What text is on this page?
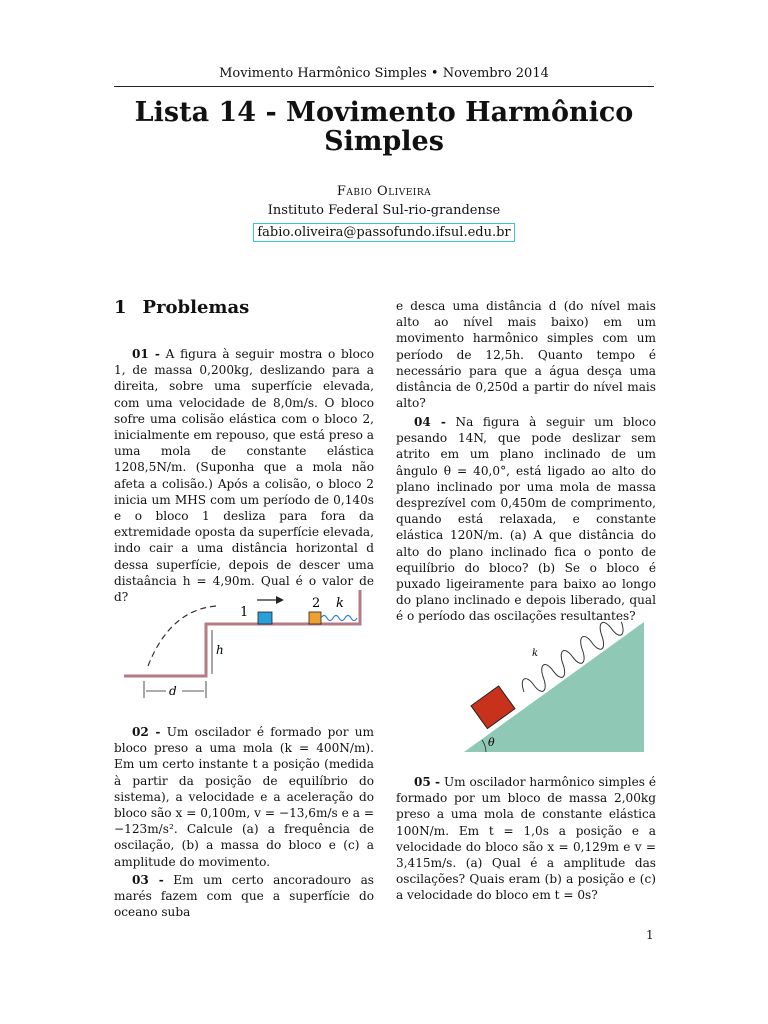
Movimento Harmônico Simples • Novembro 2014
Lista 14 - Movimento Harmônico Simples
Fabio Oliveira
Instituto Federal Sul-rio-grandense
fabio.oliveira@passofundo.ifsul.edu.br
1 Problemas

01 - A figura à seguir mostra o bloco 1, de massa 0,200kg, deslizando para a direita, sobre uma superfície elevada, com uma velocidade de 8,0m/s. O bloco sofre uma colisão elástica com o bloco 2, inicialmente em repouso, que está preso a uma mola de constante elástica 1208,5N/m. (Suponha que a mola não afeta a colisão.) Após a colisão, o bloco 2 inicia um MHS com um período de 0,140s e o bloco 1 desliza para fora da extremidade oposta da superfície elevada, indo cair a uma distância horizontal d dessa superfície, depois de descer uma distaância h = 4,90m. Qual é o valor de d?

1
2 k
h
d

02 - Um oscilador é formado por um bloco preso a uma mola (k = 400N/m). Em um certo instante t a posição (medida à partir da posição de equilíbrio do sistema), a velocidade e a aceleração do bloco são x = 0,100m, v = −13,6m/s e a = −123m/s². Calcule (a) a frequência de oscilação, (b) a massa do bloco e (c) a amplitude do movimento.

03 - Em um certo ancoradouro as marés fazem com que a superfície do oceano suba

e desca uma distância d (do nível mais alto ao nível mais baixo) em um movimento harmônico simples com um período de 12,5h. Quanto tempo é necessário para que a água desça uma distância de 0,250d a partir do nível mais alto?

04 - Na figura à seguir um bloco pesando 14N, que pode deslizar sem atrito em um plano inclinado de um ângulo θ = 40,0°, está ligado ao alto do plano inclinado por uma mola de massa desprezível com 0,450m de comprimento, quando está relaxada, e constante elástica 120N/m. (a) A que distância do alto do plano inclinado fica o ponto de equilíbrio do bloco? (b) Se o bloco é puxado ligeiramente para baixo ao longo do plano inclinado e depois liberado, qual é o período das oscilações resultantes?

k
θ

05 - Um oscilador harmônico simples é formado por um bloco de massa 2,00kg preso a uma mola de constante elástica 100N/m. Em t = 1,0s a posição e a velocidade do bloco são x = 0,129m e v = 3,415m/s. (a) Qual é a amplitude das oscilações? Quais eram (b) a posição e (c) a velocidade do bloco em t = 0s?

1
